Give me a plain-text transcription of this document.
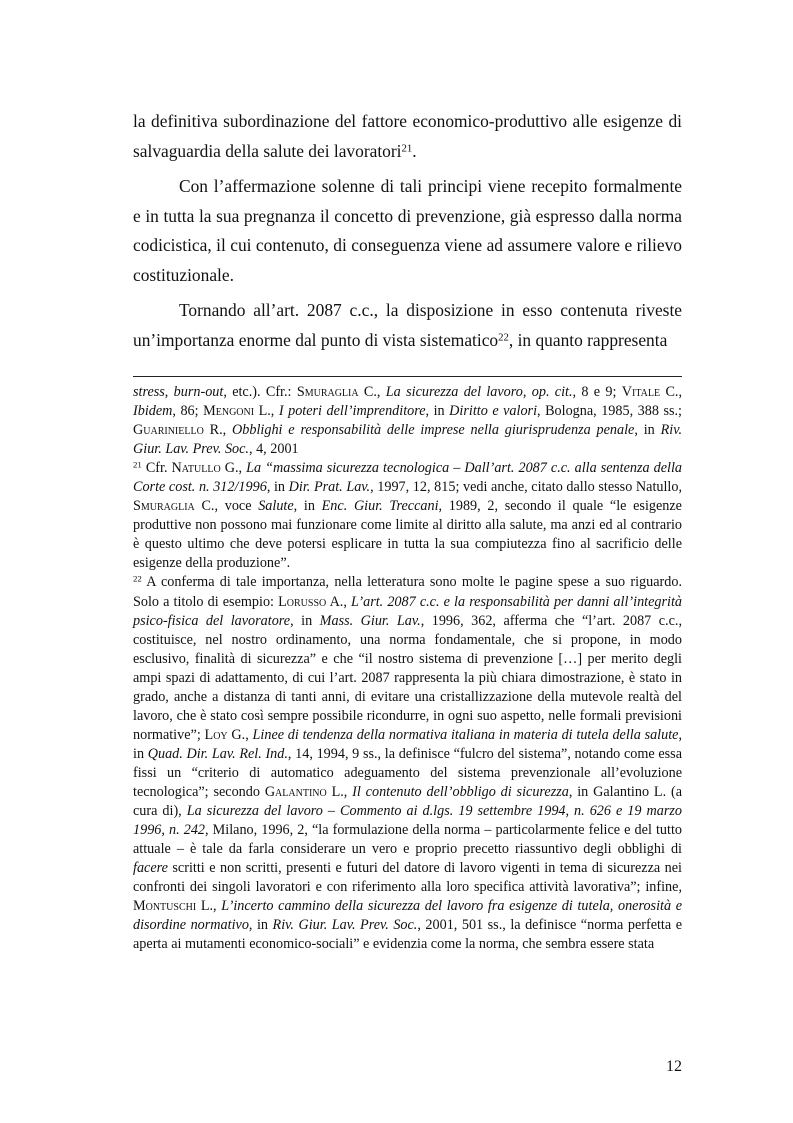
la definitiva subordinazione del fattore economico-produttivo alle esigenze di salvaguardia della salute dei lavoratori$^{21}$.

Con l’affermazione solenne di tali principi viene recepito formalmente e in tutta la sua pregnanza il concetto di prevenzione, già espresso dalla norma codicistica, il cui contenuto, di conseguenza viene ad assumere valore e rilievo costituzionale.

Tornando all’art. 2087 c.c., la disposizione in esso contenuta riveste un’importanza enorme dal punto di vista sistematico$^{22}$, in quanto rappresenta

stress, burn-out, etc.). Cfr.: Smuraglia C., La sicurezza del lavoro, op. cit., 8 e 9; Vitale C., Ibidem, 86; Mengoni L., I poteri dell’imprenditore, in Diritto e valori, Bologna, 1985, 388 ss.; Guariniello R., Obblighi e responsabilità delle imprese nella giurisprudenza penale, in Riv. Giur. Lav. Prev. Soc., 4, 2001

$^{21}$ Cfr. Natullo G., La “massima sicurezza tecnologica – Dall’art. 2087 c.c. alla sentenza della Corte cost. n. 312/1996, in Dir. Prat. Lav., 1997, 12, 815; vedi anche, citato dallo stesso Natullo, Smuraglia C., voce Salute, in Enc. Giur. Treccani, 1989, 2, secondo il quale “le esigenze produttive non possono mai funzionare come limite al diritto alla salute, ma anzi ed al contrario è questo ultimo che deve potersi esplicare in tutta la sua compiutezza fino al sacrificio delle esigenze della produzione”.

$^{22}$ A conferma di tale importanza, nella letteratura sono molte le pagine spese a suo riguardo. Solo a titolo di esempio: Lorusso A., L’art. 2087 c.c. e la responsabilità per danni all’integrità psico-fisica del lavoratore, in Mass. Giur. Lav., 1996, 362, afferma che “l’art. 2087 c.c., costituisce, nel nostro ordinamento, una norma fondamentale, che si propone, in modo esclusivo, finalità di sicurezza” e che “il nostro sistema di prevenzione […] per merito degli ampi spazi di adattamento, di cui l’art. 2087 rappresenta la più chiara dimostrazione, è stato in grado, anche a distanza di tanti anni, di evitare una cristallizzazione della mutevole realtà del lavoro, che è stato così sempre possibile ricondurre, in ogni suo aspetto, nelle formali previsioni normative”; Loy G., Linee di tendenza della normativa italiana in materia di tutela della salute, in Quad. Dir. Lav. Rel. Ind., 14, 1994, 9 ss., la definisce “fulcro del sistema”, notando come essa fissi un “criterio di automatico adeguamento del sistema prevenzionale all’evoluzione tecnologica”; secondo Galantino L., Il contenuto dell’obbligo di sicurezza, in Galantino L. (a cura di), La sicurezza del lavoro – Commento ai d.lgs. 19 settembre 1994, n. 626 e 19 marzo 1996, n. 242, Milano, 1996, 2, “la formulazione della norma – particolarmente felice e del tutto attuale – è tale da farla considerare un vero e proprio precetto riassuntivo degli obblighi di facere scritti e non scritti, presenti e futuri del datore di lavoro vigenti in tema di sicurezza nei confronti dei singoli lavoratori e con riferimento alla loro specifica attività lavorativa”; infine, Montuschi L., L’incerto cammino della sicurezza del lavoro fra esigenze di tutela, onerosità e disordine normativo, in Riv. Giur. Lav. Prev. Soc., 2001, 501 ss., la definisce “norma perfetta e aperta ai mutamenti economico-sociali” e evidenzia come la norma, che sembra essere stata

12
